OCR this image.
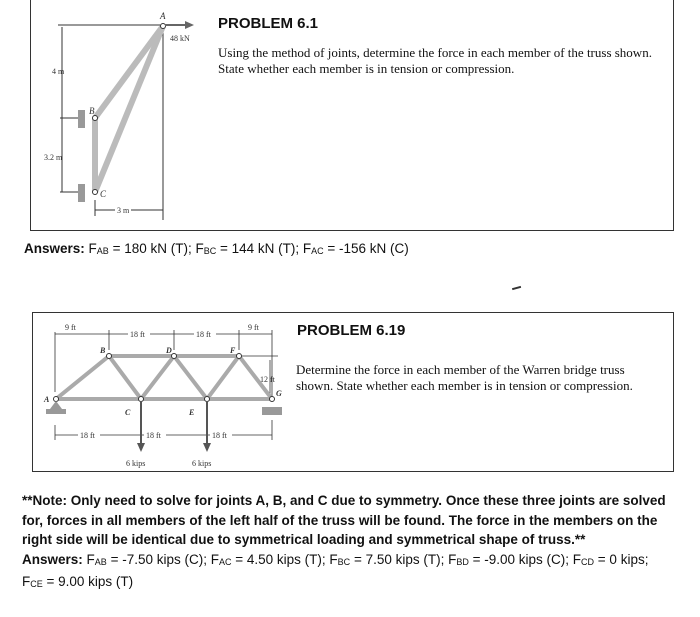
A
B
C
48 kN
4 m
3.2 m
3 m
PROBLEM 6.1
Using the method of joints, determine the force in each member of the truss shown. State whether each member is in tension or compression.
Answers: $F_{AB} = 180$ kN (T); $F_{BC} = 144$ kN (T); $F_{AC} = -156$ kN (C)
A
B
C
D
E
F
G
9 ft
18 ft	18 ft
9 ft
12 ft
18 ft	18 ft	18 ft
6 kips	6 kips
PROBLEM 6.19
Determine the force in each member of the Warren bridge truss shown. State whether each member is in tension or compression.
**Note: Only need to solve for joints A, B, and C due to symmetry. Once these three joints are solved for, forces in all members of the left half of the truss will be found. The force in the members on the right side will be identical due to symmetrical loading and symmetrical shape of truss.**
Answers: $F_{AB} = -7.50$ kips (C); $F_{AC} = 4.50$ kips (T); $F_{BC} = 7.50$ kips (T); $F_{BD} = -9.00$ kips (C); $F_{CD} = 0$ kips;
$F_{CE} = 9.00$ kips (T)
